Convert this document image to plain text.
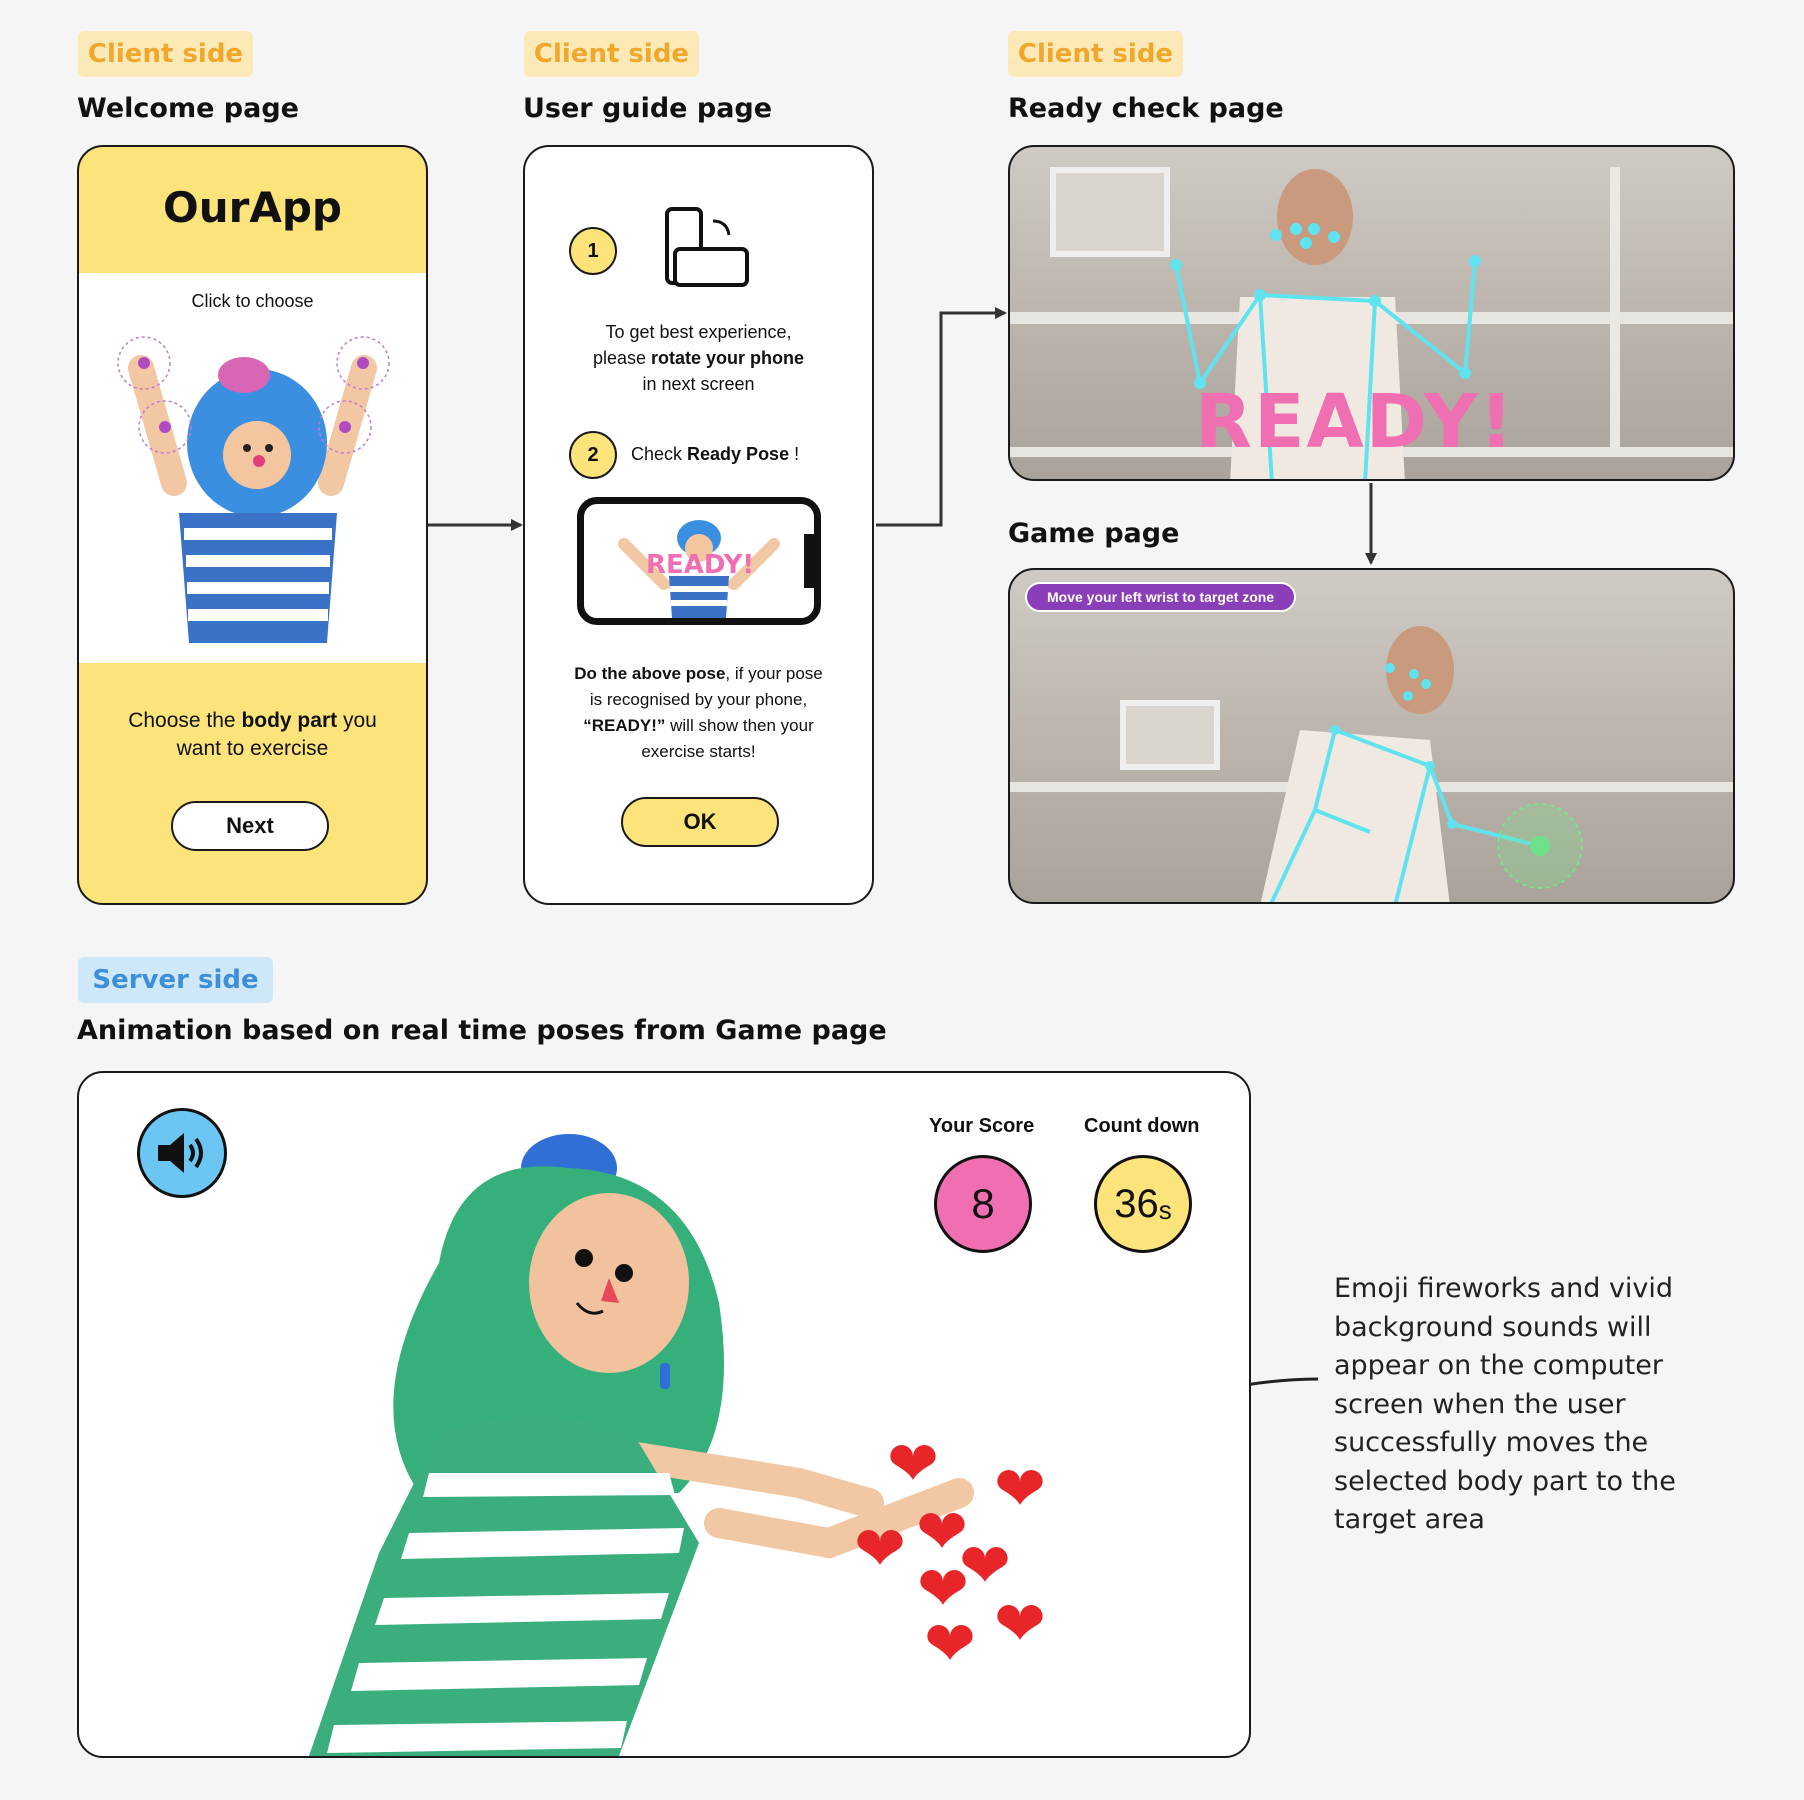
Client side	Client side	Client side
Welcome page	User guide page	Ready check page
Game page
OurApp
Click to choose
Choose the body part you
want to exercise
Next
1
To get best experience,
please rotate your phone
in next screen
2	Check Ready Pose !
READY!
Do the above pose, if your pose
is recognised by your phone,
“READY!” will show then your
exercise starts!
OK
READY!
Move your left wrist to target zone
Server side
Animation based on real time poses from Game page
Your Score
8
Count down
36 s
❤ ❤
❤ ❤
❤
❤ ❤
❤
Emoji fireworks and vivid
background sounds will
appear on the computer
screen when the user
successfully moves the
selected body part to the
target area
